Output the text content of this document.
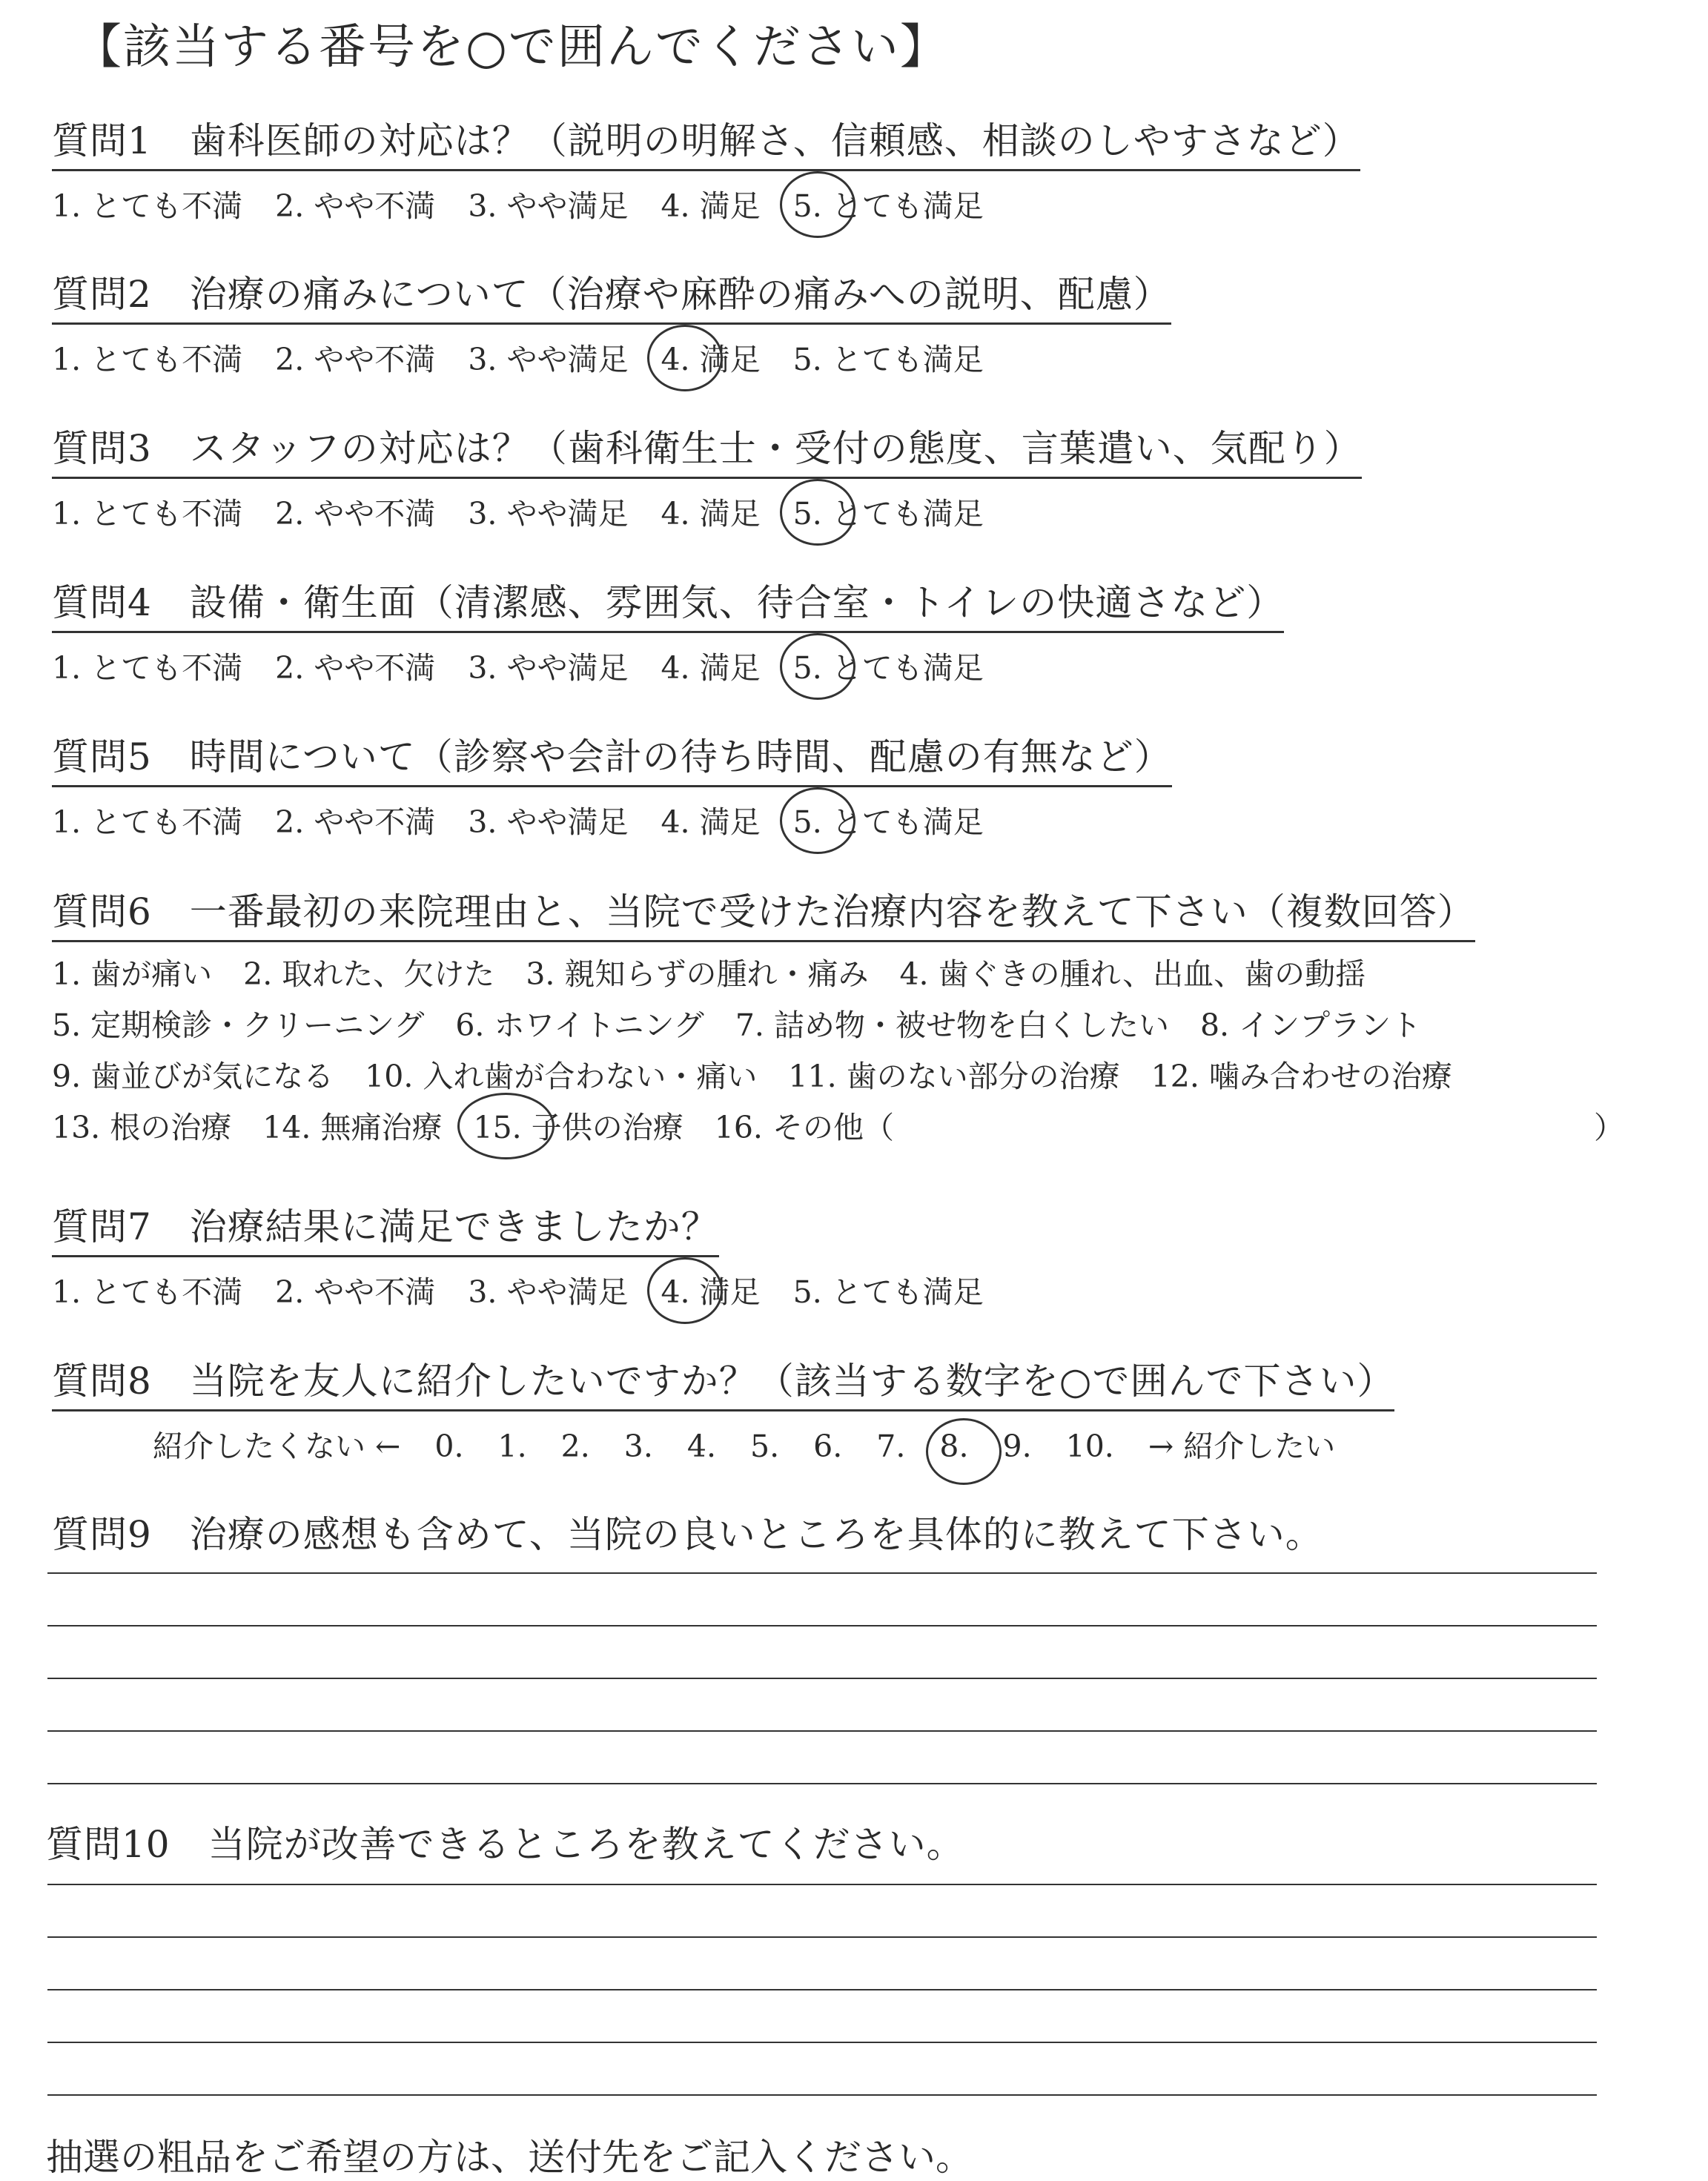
【該当する番号を○で囲んでください】
質問1　歯科医師の対応は？（説明の明解さ、信頼感、相談のしやすさなど）
1. とても不満 2. やや不満 3. やや満足 4. 満足 5. とても満足
質問2　治療の痛みについて（治療や麻酔の痛みへの説明、配慮）
1. とても不満 2. やや不満 3. やや満足 4. 満足 5. とても満足
質問3　スタッフの対応は？（歯科衛生士・受付の態度、言葉遣い、気配り）
1. とても不満 2. やや不満 3. やや満足 4. 満足 5. とても満足
質問4　設備・衛生面（清潔感、雰囲気、待合室・トイレの快適さなど）
1. とても不満 2. やや不満 3. やや満足 4. 満足 5. とても満足
質問5　時間について（診察や会計の待ち時間、配慮の有無など）
1. とても不満 2. やや不満 3. やや満足 4. 満足 5. とても満足
質問6　一番最初の来院理由と、当院で受けた治療内容を教えて下さい（複数回答）
1. 歯が痛い 2. 取れた、欠けた 3. 親知らずの腫れ・痛み 4. 歯ぐきの腫れ、出血、歯の動揺
5. 定期検診・クリーニング 6. ホワイトニング 7. 詰め物・被せ物を白くしたい 8. インプラント
9. 歯並びが気になる 10. 入れ歯が合わない・痛い 11. 歯のない部分の治療 12. 噛み合わせの治療
13. 根の治療 14. 無痛治療 15. 子供の治療 16. その他（	）
質問7　治療結果に満足できましたか？
1. とても不満 2. やや不満 3. やや満足 4. 満足 5. とても満足
質問8　当院を友人に紹介したいですか？（該当する数字を○で囲んで下さい）
紹介したくない ← 0. 1. 2. 3. 4. 5. 6. 7. 8. 9. 10. → 紹介したい
質問9　治療の感想も含めて、当院の良いところを具体的に教えて下さい。
質問10　当院が改善できるところを教えてください。
抽選の粗品をご希望の方は、送付先をご記入ください。
